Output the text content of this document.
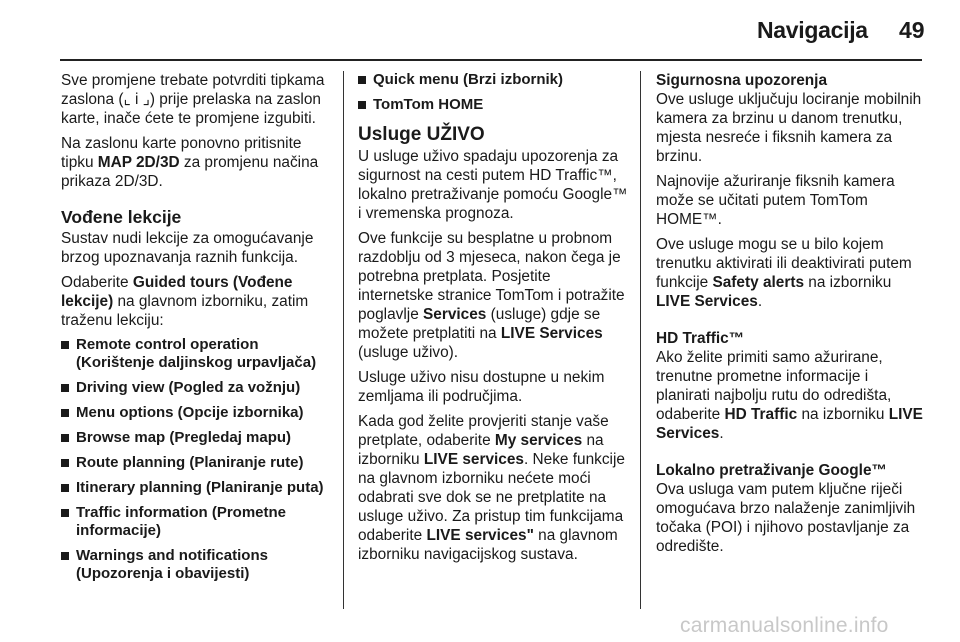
Navigacija 49

Sve promjene trebate potvrditi tipkama zaslona (⌞ i ⌟) prije prelaska na zaslon karte, inače ćete te promjene izgubiti.

Na zaslonu karte ponovno pritisnite tipku MAP 2D/3D za promjenu načina prikaza 2D/3D.

Vođene lekcije

Sustav nudi lekcije za omogućavanje brzog upoznavanja raznih funkcija.

Odaberite Guided tours (Vođene lekcije) na glavnom izborniku, zatim traženu lekciju:

Remote control operation (Korištenje daljinskog urpavljača)
Driving view (Pogled za vožnju)
Menu options (Opcije izbornika)
Browse map (Pregledaj mapu)
Route planning (Planiranje rute)
Itinerary planning (Planiranje puta)
Traffic information (Prometne informacije)
Warnings and notifications (Upozorenja i obavijesti)
Quick menu (Brzi izbornik)
TomTom HOME
Usluge UŽIVO

U usluge uživo spadaju upozorenja za sigurnost na cesti putem HD Traffic™, lokalno pretraživanje pomoću Google™ i vremenska prognoza.

Ove funkcije su besplatne u probnom razdoblju od 3 mjeseca, nakon čega je potrebna pretplata. Posjetite internetske stranice TomTom i potražite poglavlje Services (usluge) gdje se možete pretplatiti na LIVE Services (usluge uživo).

Usluge uživo nisu dostupne u nekim zemljama ili područjima.

Kada god želite provjeriti stanje vaše pretplate, odaberite My services na izborniku LIVE services. Neke funkcije na glavnom izborniku nećete moći odabrati sve dok se ne pretplatite na usluge uživo. Za pristup tim funkcijama odaberite LIVE services" na glavnom izborniku navigacijskog sustava.

Sigurnosna upozorenja

Ove usluge uključuju lociranje mobilnih kamera za brzinu u danom trenutku, mjesta nesreće i fiksnih kamera za brzinu.

Najnovije ažuriranje fiksnih kamera može se učitati putem TomTom HOME™.

Ove usluge mogu se u bilo kojem trenutku aktivirati ili deaktivirati putem funkcije Safety alerts na izborniku LIVE Services.

HD Traffic™

Ako želite primiti samo ažurirane, trenutne prometne informacije i planirati najbolju rutu do odredišta, odaberite HD Traffic na izborniku LIVE Services.

Lokalno pretraživanje Google™

Ova usluga vam putem ključne riječi omogućava brzo nalaženje zanimljivih točaka (POI) i njihovo postavljanje za odredište.

carmanualsonline.info
